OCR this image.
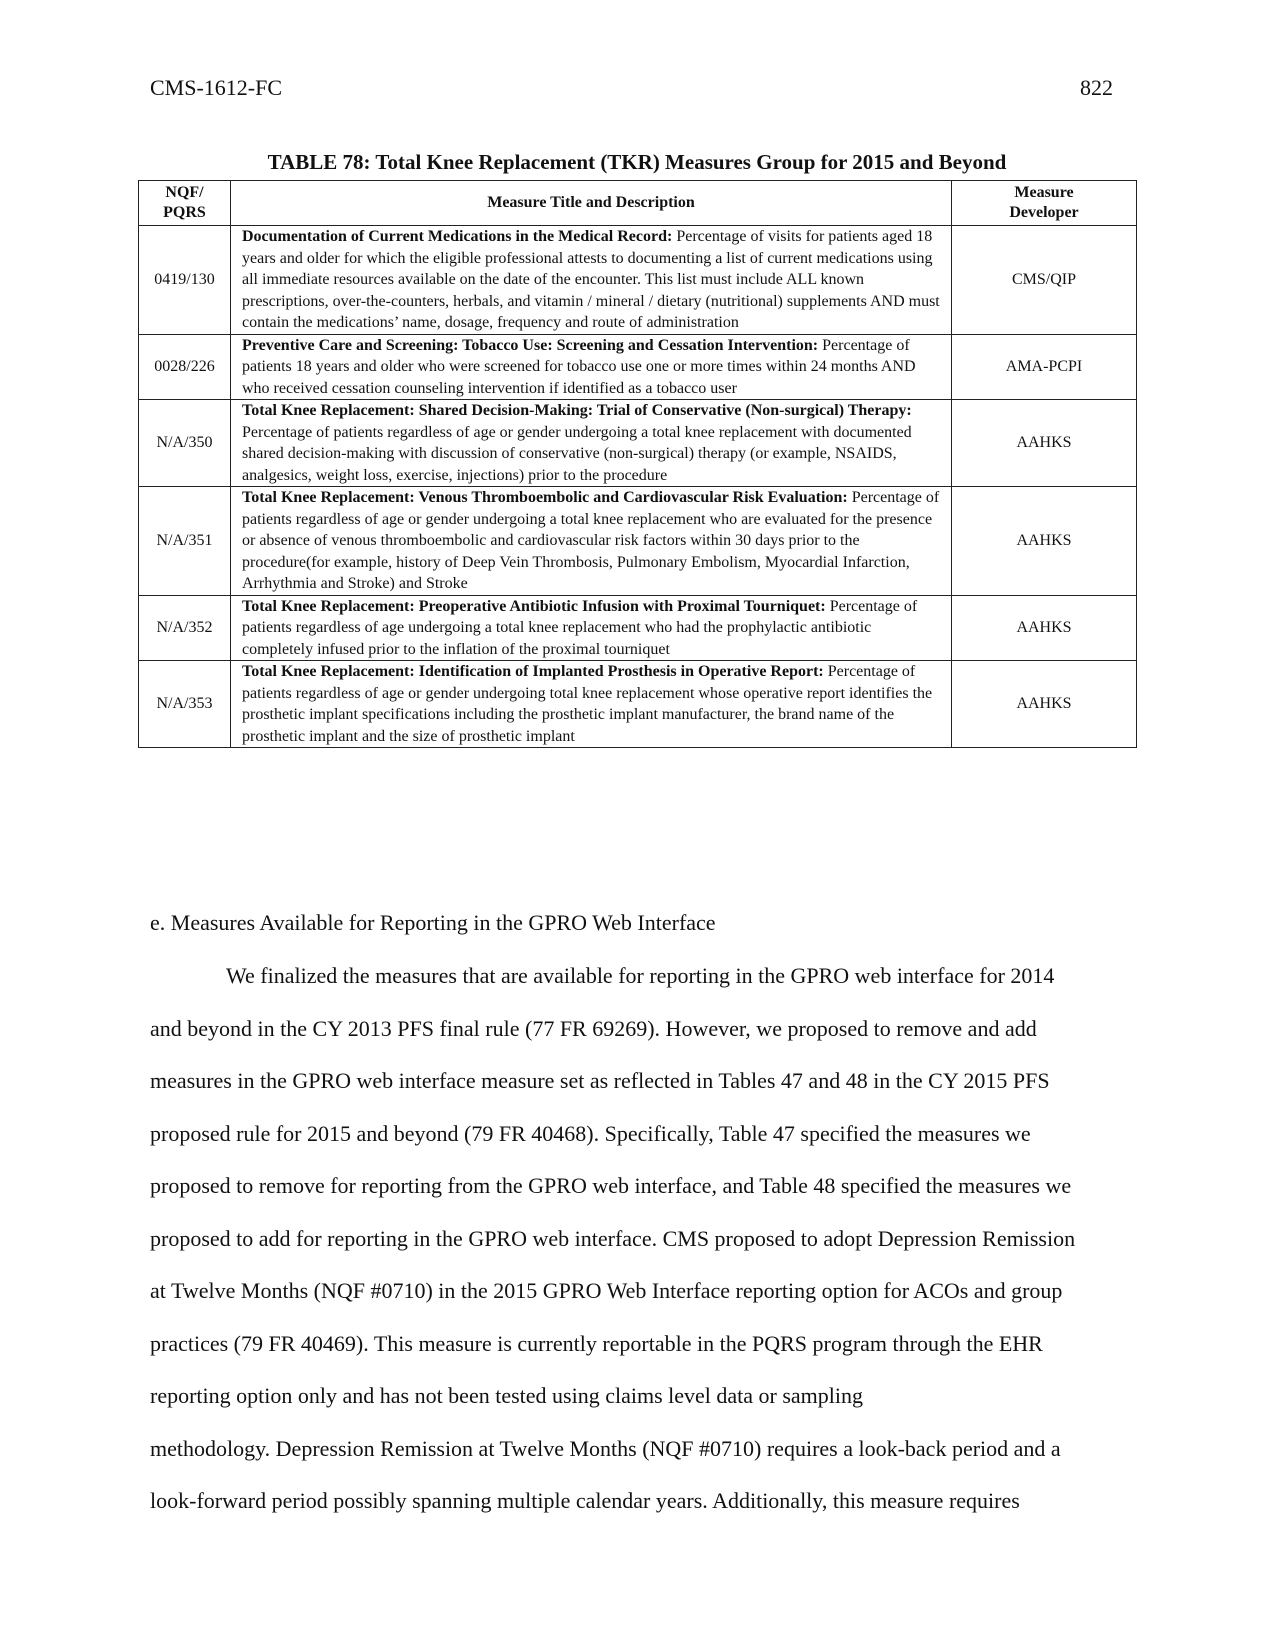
CMS-1612-FC	822
TABLE 78: Total Knee Replacement (TKR) Measures Group for 2015 and Beyond
NQF/
PQRS	Measure Title and Description	Measure
Developer
0419/130	Documentation of Current Medications in the Medical Record: Percentage of visits for patients aged 18 years and older for which the eligible professional attests to documenting a list of current medications using all immediate resources available on the date of the encounter. This list must include ALL known prescriptions, over-the-counters, herbals, and vitamin / mineral / dietary (nutritional) supplements AND must contain the medications’ name, dosage, frequency and route of administration	CMS/QIP
0028/226	Preventive Care and Screening: Tobacco Use: Screening and Cessation Intervention: Percentage of patients 18 years and older who were screened for tobacco use one or more times within 24 months AND who received cessation counseling intervention if identified as a tobacco user	AMA-PCPI
N/A/350	Total Knee Replacement: Shared Decision-Making: Trial of Conservative (Non-surgical) Therapy: Percentage of patients regardless of age or gender undergoing a total knee replacement with documented shared decision-making with discussion of conservative (non-surgical) therapy (or example, NSAIDS, analgesics, weight loss, exercise, injections) prior to the procedure	AAHKS
N/A/351	Total Knee Replacement: Venous Thromboembolic and Cardiovascular Risk Evaluation: Percentage of patients regardless of age or gender undergoing a total knee replacement who are evaluated for the presence or absence of venous thromboembolic and cardiovascular risk factors within 30 days prior to the procedure(for example, history of Deep Vein Thrombosis, Pulmonary Embolism, Myocardial Infarction, Arrhythmia and Stroke) and Stroke	AAHKS
N/A/352	Total Knee Replacement: Preoperative Antibiotic Infusion with Proximal Tourniquet: Percentage of patients regardless of age undergoing a total knee replacement who had the prophylactic antibiotic completely infused prior to the inflation of the proximal tourniquet	AAHKS
N/A/353	Total Knee Replacement: Identification of Implanted Prosthesis in Operative Report: Percentage of patients regardless of age or gender undergoing total knee replacement whose operative report identifies the prosthetic implant specifications including the prosthetic implant manufacturer, the brand name of the prosthetic implant and the size of prosthetic implant	AAHKS
e. Measures Available for Reporting in the GPRO Web Interface
We finalized the measures that are available for reporting in the GPRO web interface for 2014
and beyond in the CY 2013 PFS final rule (77 FR 69269). However, we proposed to remove and add
measures in the GPRO web interface measure set as reflected in Tables 47 and 48 in the CY 2015 PFS
proposed rule for 2015 and beyond (79 FR 40468). Specifically, Table 47 specified the measures we
proposed to remove for reporting from the GPRO web interface, and Table 48 specified the measures we
proposed to add for reporting in the GPRO web interface. CMS proposed to adopt Depression Remission
at Twelve Months (NQF #0710) in the 2015 GPRO Web Interface reporting option for ACOs and group
practices (79 FR 40469). This measure is currently reportable in the PQRS program through the EHR
reporting option only and has not been tested using claims level data or sampling
methodology. Depression Remission at Twelve Months (NQF #0710) requires a look-back period and a
look-forward period possibly spanning multiple calendar years. Additionally, this measure requires
